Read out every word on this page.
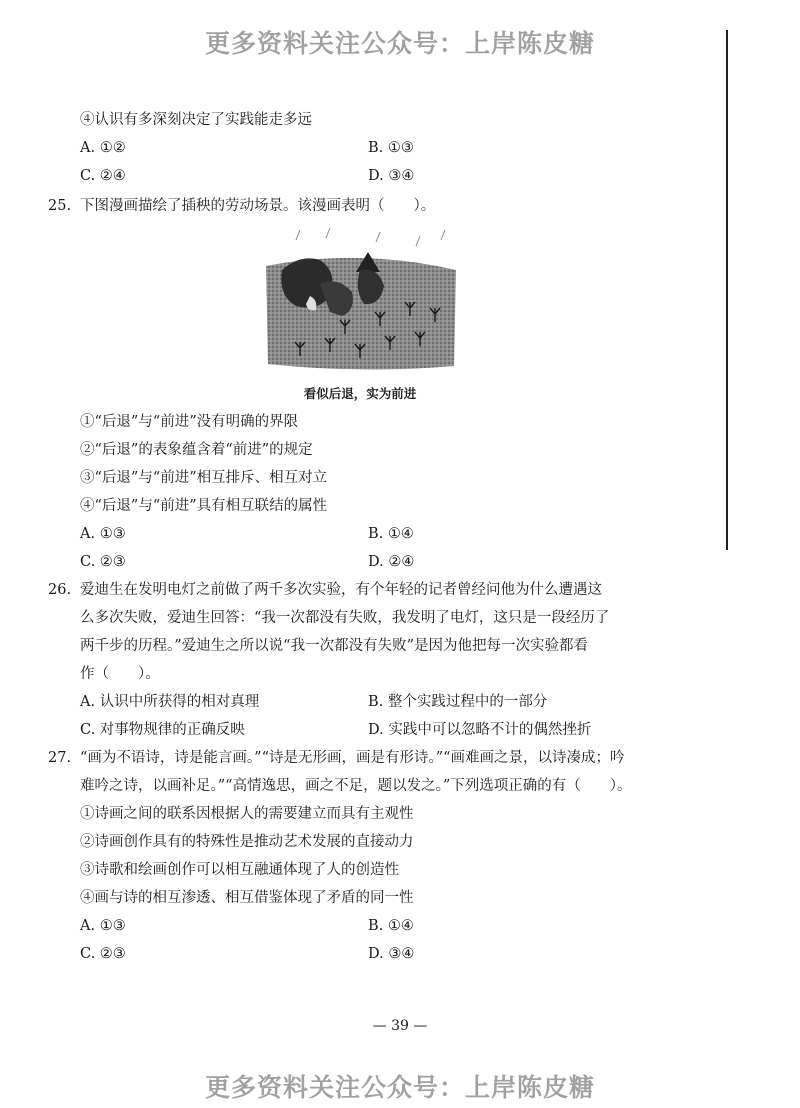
更多资料关注公众号：上岸陈皮糖
④认识有多深刻决定了实践能走多远
A. ①②	B. ①③
C. ②④	D. ③④
25. 下图漫画描绘了插秧的劳动场景。该漫画表明（　　）。
看似后退，实为前进
①“后退”与“前进”没有明确的界限
②“后退”的表象蕴含着“前进”的规定
③“后退”与“前进”相互排斥、相互对立
④“后退”与“前进”具有相互联结的属性
A. ①③	B. ①④
C. ②③	D. ②④
26. 爱迪生在发明电灯之前做了两千多次实验，有个年轻的记者曾经问他为什么遭遇这
么多次失败，爱迪生回答：“我一次都没有失败，我发明了电灯，这只是一段经历了
两千步的历程。”爱迪生之所以说“我一次都没有失败”是因为他把每一次实验都看
作（　　）。
A. 认识中所获得的相对真理	B. 整个实践过程中的一部分
C. 对事物规律的正确反映	D. 实践中可以忽略不计的偶然挫折
27. “画为不语诗，诗是能言画。”“诗是无形画，画是有形诗。”“画难画之景，以诗凑成；吟
难吟之诗，以画补足。”“高情逸思，画之不足，题以发之。”下列选项正确的有（　　）。
①诗画之间的联系因根据人的需要建立而具有主观性
②诗画创作具有的特殊性是推动艺术发展的直接动力
③诗歌和绘画创作可以相互融通体现了人的创造性
④画与诗的相互渗透、相互借鉴体现了矛盾的同一性
A. ①③	B. ①④
C. ②③	D. ③④
— 39 —
更多资料关注公众号：上岸陈皮糖
